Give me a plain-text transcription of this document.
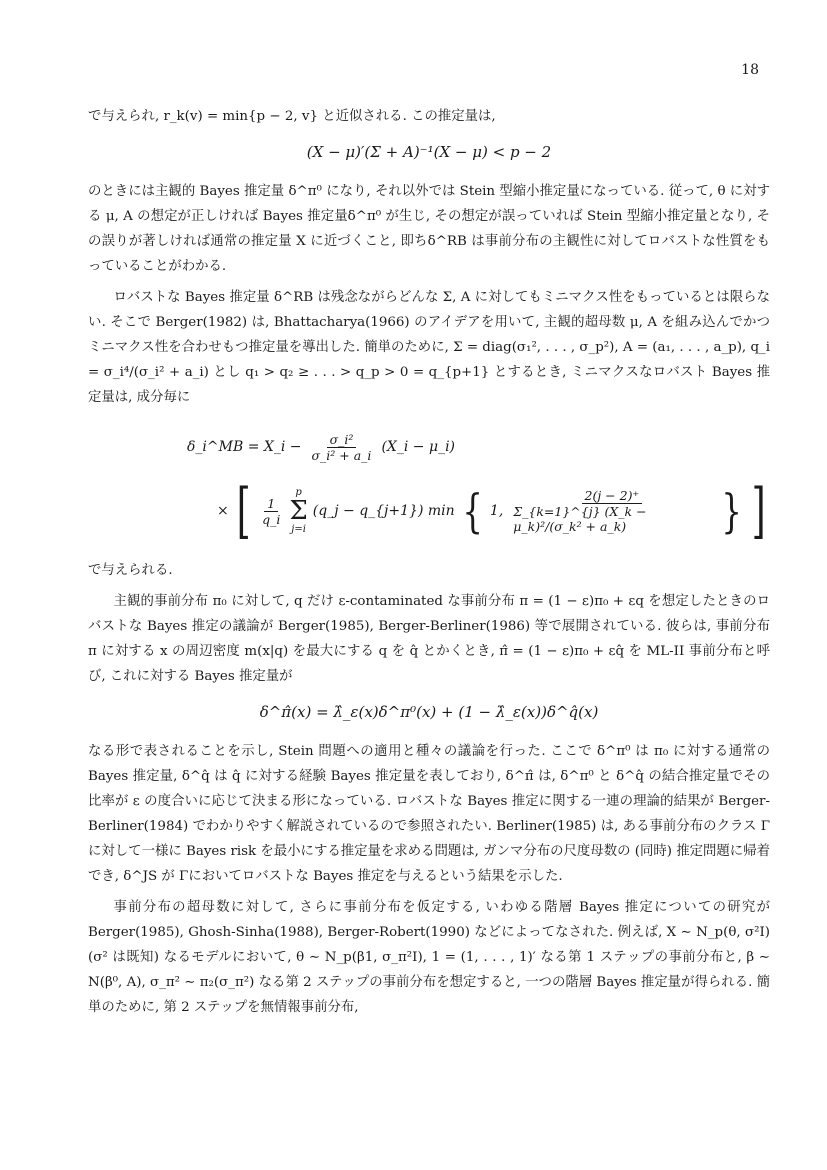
18

で与えられ, r_k(v) = min{p − 2, v} と近似される. この推定量は,

(X − μ)′(Σ + A)⁻¹(X − μ) < p − 2

のときには主観的 Bayes 推定量 δ^π⁰ になり, それ以外では Stein 型縮小推定量になっている. 従って, θ に対する μ, A の想定が正しければ Bayes 推定量δ^π⁰ が生じ, その想定が誤っていれば Stein 型縮小推定量となり, その誤りが著しければ通常の推定量 X に近づくこと, 即ちδ^RB は事前分布の主観性に対してロバストな性質をもっていることがわかる.

ロバストな Bayes 推定量 δ^RB は残念ながらどんな Σ, A に対してもミニマクス性をもっているとは限らない. そこで Berger(1982) は, Bhattacharya(1966) のアイデアを用いて, 主観的超母数 μ, A を組み込んでかつミニマクス性を合わせもつ推定量を導出した. 簡単のために, Σ = diag(σ₁², . . . , σ_p²), A = (a₁, . . . , a_p), q_i = σ_i⁴/(σ_i² + a_i) とし q₁ > q₂ ≥ . . . > q_p > 0 = q_{p+1} とするとき, ミニマクスなロバスト Bayes 推定量は, 成分毎に

δ_i^MB = X_i − $\frac{\text{σ\_i²}}{\text{σ\_i² + a\_i}}$ (X_i − μ_i)
× [ $\frac{1}{q\_i}$
p
Σ
j=i
(q_j − q_{j+1}) min { 1, $\frac{2(j - 2)^+}{\text{Σ\_\{k=1\}\textasciicircum{}\{j\} (X\_k − μ\_k)²/(σ\_k² + a\_k)}}$ } ]

で与えられる.

主観的事前分布 π₀ に対して, q だけ ε-contaminated な事前分布 π = (1 − ε)π₀ + εq を想定したときのロバストな Bayes 推定の議論が Berger(1985), Berger-Berliner(1986) 等で展開されている. 彼らは, 事前分布 π に対する x の周辺密度 m(x|q) を最大にする q を q̂ とかくとき, π̂ = (1 − ε)π₀ + εq̂ を ML-II 事前分布と呼び, これに対する Bayes 推定量が

δ^π̂(x) = λ̂_ε(x)δ^π⁰(x) + (1 − λ̂_ε(x))δ^q̂(x)

なる形で表されることを示し, Stein 問題への適用と種々の議論を行った. ここで δ^π⁰ は π₀ に対する通常の Bayes 推定量, δ^q̂ は q̂ に対する経験 Bayes 推定量を表しており, δ^π̂ は, δ^π⁰ と δ^q̂ の結合推定量でその比率が ε の度合いに応じて決まる形になっている. ロバストな Bayes 推定に関する一連の理論的結果が Berger-Berliner(1984) でわかりやすく解説されているので参照されたい. Berliner(1985) は, ある事前分布のクラス Γ に対して一様に Bayes risk を最小にする推定量を求める問題は, ガンマ分布の尺度母数の (同時) 推定問題に帰着でき, δ^JS が Γにおいてロバストな Bayes 推定を与えるという結果を示した.

事前分布の超母数に対して, さらに事前分布を仮定する, いわゆる階層 Bayes 推定についての研究が Berger(1985), Ghosh-Sinha(1988), Berger-Robert(1990) などによってなされた. 例えば, X ∼ N_p(θ, σ²I) (σ² は既知) なるモデルにおいて, θ ∼ N_p(β1, σ_π²I), 1 = (1, . . . , 1)′ なる第 1 ステップの事前分布と, β ∼ N(β⁰, A), σ_π² ∼ π₂(σ_π²) なる第 2 ステップの事前分布を想定すると, 一つの階層 Bayes 推定量が得られる. 簡単のために, 第 2 ステップを無情報事前分布,
